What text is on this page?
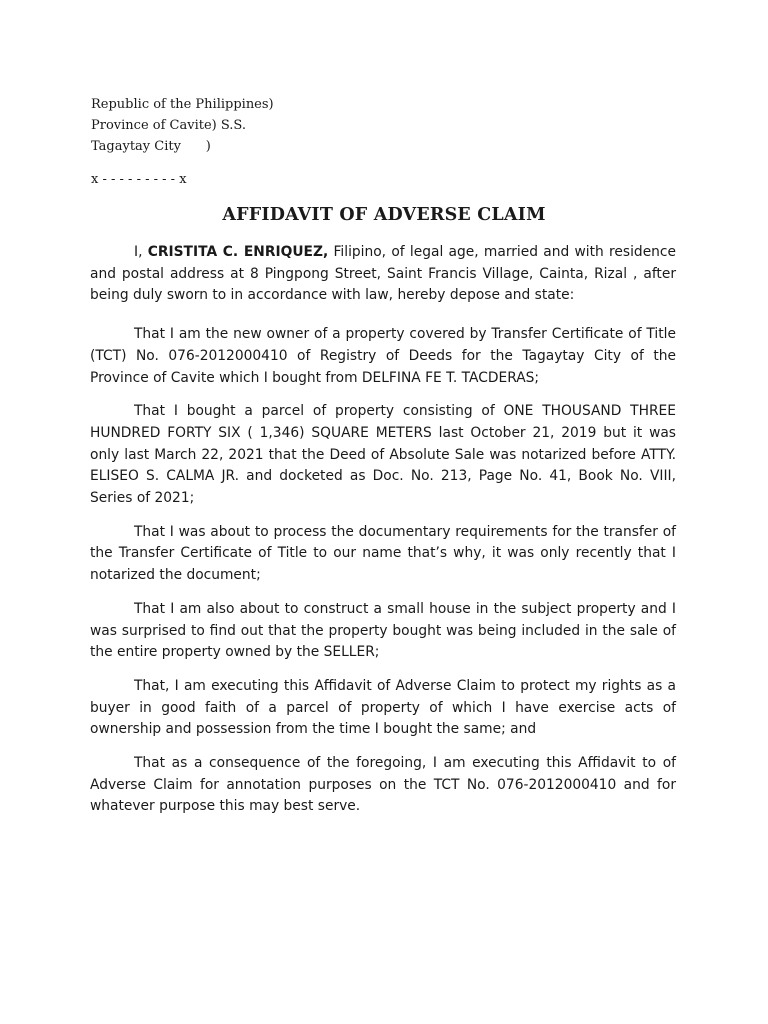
Republic of the Philippines)
Province of Cavite) S.S.
Tagaytay City      )
x - - - - - - - - - x
AFFIDAVIT OF ADVERSE CLAIM

I, CRISTITA C. ENRIQUEZ, Filipino, of legal age, married and with residence and postal address at 8 Pingpong Street, Saint Francis Village, Cainta, Rizal , after being duly sworn to in accordance with law, hereby depose and state:

That I am the new owner of a property covered by Transfer Certificate of Title (TCT) No. 076-2012000410 of Registry of Deeds for the Tagaytay City of the Province of Cavite which I bought from DELFINA FE T. TACDERAS;

That I bought a parcel of property consisting of ONE THOUSAND THREE HUNDRED FORTY SIX ( 1,346) SQUARE METERS last October 21, 2019 but it was only last March 22, 2021 that the Deed of Absolute Sale was notarized before ATTY. ELISEO S. CALMA JR. and docketed as Doc. No. 213, Page No. 41, Book No. VIII, Series of 2021;

That I was about to process the documentary requirements for the transfer of the Transfer Certificate of Title to our name that’s why, it was only recently that I notarized the document;

That I am also about to construct a small house in the subject property and I was surprised to find out that the property bought was being included in the sale of the entire property owned by the SELLER;

That, I am executing this Affidavit of Adverse Claim to protect my rights as a buyer in good faith of a parcel of property of which I have exercise acts of ownership and possession from the time I bought the same; and

That as a consequence of the foregoing, I am executing this Affidavit to of Adverse Claim for annotation purposes on the TCT No. 076-2012000410 and for whatever purpose this may best serve.
